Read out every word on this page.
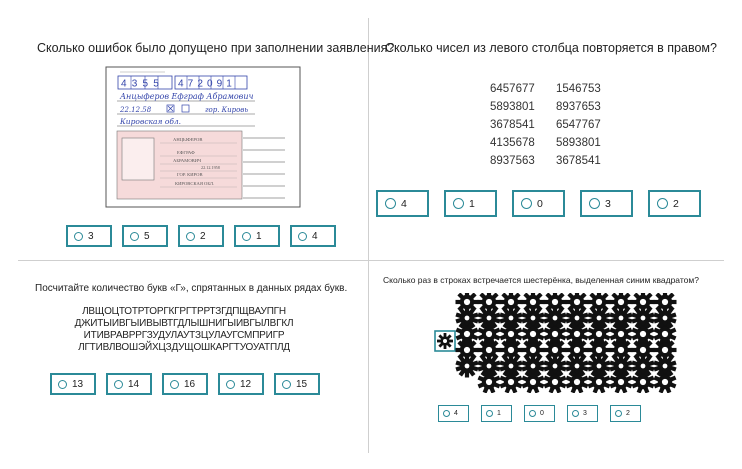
Сколько ошибок было допущено при заполнении заявления?
4355 472091
Анцыферов Ефграф Абрамович
22.12.58	гор. Кировь
Кировская обл.
АНЦЫФЕРОВ
ЕФГРАФ
АБРАМОВИЧ
22.12.1958
ГОР. КИРОВ
КИРОВСКАЯ ОБЛ.
3	5	2	1	4
Сколько чисел из левого столбца повторяется в правом?
6457677	1546753
5893801	8937653
3678541	6547767
4135678	5893801
8937563	3678541
4	1	0	3	2
Посчитайте количество букв «Г», спрятанных в данных рядах букв.
ЛВЩОЦТОТРТОРГКГРГТРРТЗГДПЩВАУПГН
ДЖИТЫИВГЫИВЫВТГДЛЫШНИГЫИВГЫЛВГКЛ
ИТИВРАВРРГЗУДУЛАУТЗЦУЛАУГСМПРИГР
ЛГТИВЛВОШЭЙХЦЗДУЩОШКАРГТУОУАТПЛД
13	14	16	12	15
Сколько раз в строках встречается шестерёнка, выделенная синим квадратом?
4	1	0	3	2
